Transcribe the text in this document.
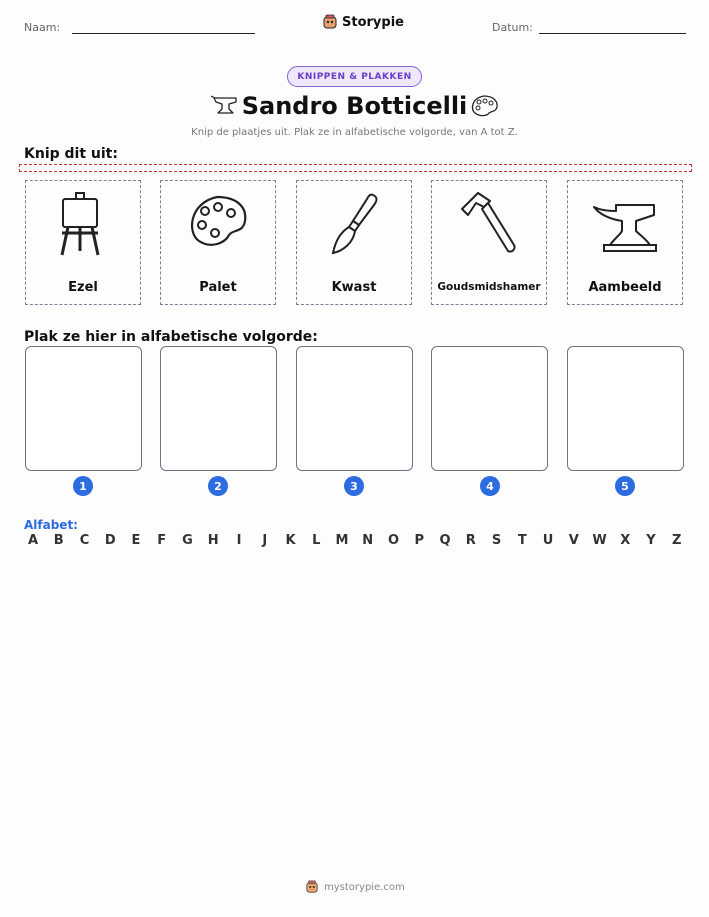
Naam:	Storypie	Datum:
KNIPPEN & PLAKKEN
Sandro Botticelli
Knip de plaatjes uit. Plak ze in alfabetische volgorde, van A tot Z.
Knip dit uit:
Ezel	Palet	Kwast	Goudsmidshamer	Aambeeld
Plak ze hier in alfabetische volgorde:
1	2	3	4	5
Alfabet:
A	B	C	D	E	F	G H	I	J	K	L	M N O	P	Q	R	S	T	U	V	W	X	Y	Z
mystorypie.com
